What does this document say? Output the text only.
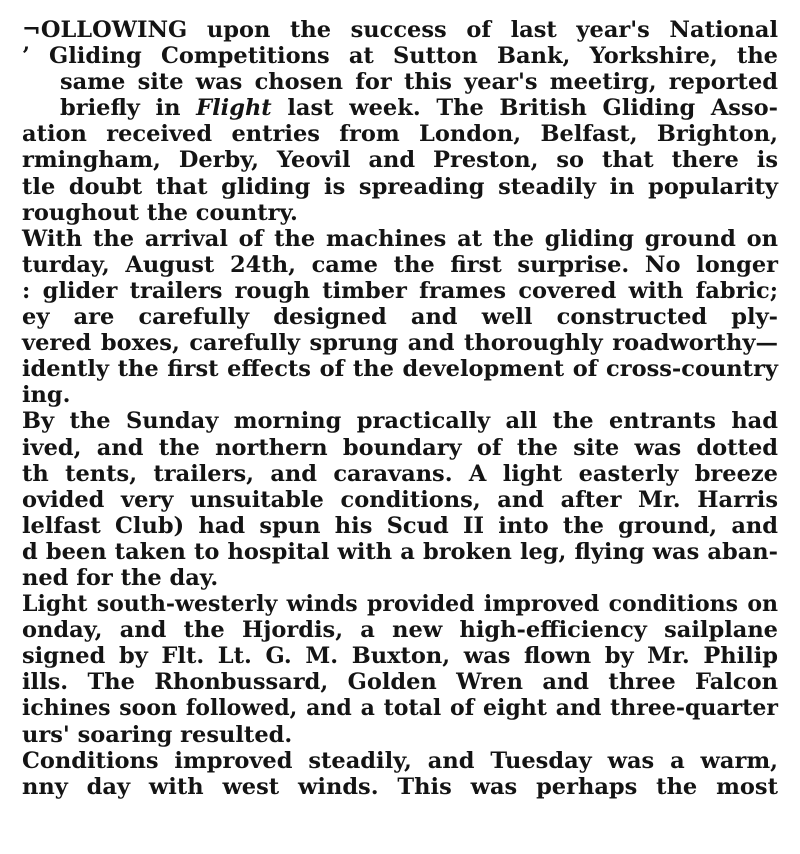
¬OLLOWING upon the success of last year's National
’ Gliding Competitions at Sutton Bank, Yorkshire, the
same site was chosen for this year's meetirg, reported
briefly in Flight last week. The British Gliding Asso-
ation received entries from London, Belfast, Brighton,
rmingham, Derby, Yeovil and Preston, so that there is
tle doubt that gliding is spreading steadily in popularity
roughout the country.
With the arrival of the machines at the gliding ground on
turday, August 24th, came the first surprise. No longer
: glider trailers rough timber frames covered with fabric;
ey are carefully designed and well constructed ply-
vered boxes, carefully sprung and thoroughly roadworthy—
idently the first effects of the development of cross-country
ing.
By the Sunday morning practically all the entrants had
ived, and the northern boundary of the site was dotted
th tents, trailers, and caravans. A light easterly breeze
ovided very unsuitable conditions, and after Mr. Harris
lelfast Club) had spun his Scud II into the ground, and
d been taken to hospital with a broken leg, flying was aban-
ned for the day.
Light south-westerly winds provided improved conditions on
onday, and the Hjordis, a new high-efficiency sailplane
signed by Flt. Lt. G. M. Buxton, was flown by Mr. Philip
ills. The Rhonbussard, Golden Wren and three Falcon
ichines soon followed, and a total of eight and three-quarter
urs' soaring resulted.
Conditions improved steadily, and Tuesday was a warm,
nny day with west winds. This was perhaps the most
